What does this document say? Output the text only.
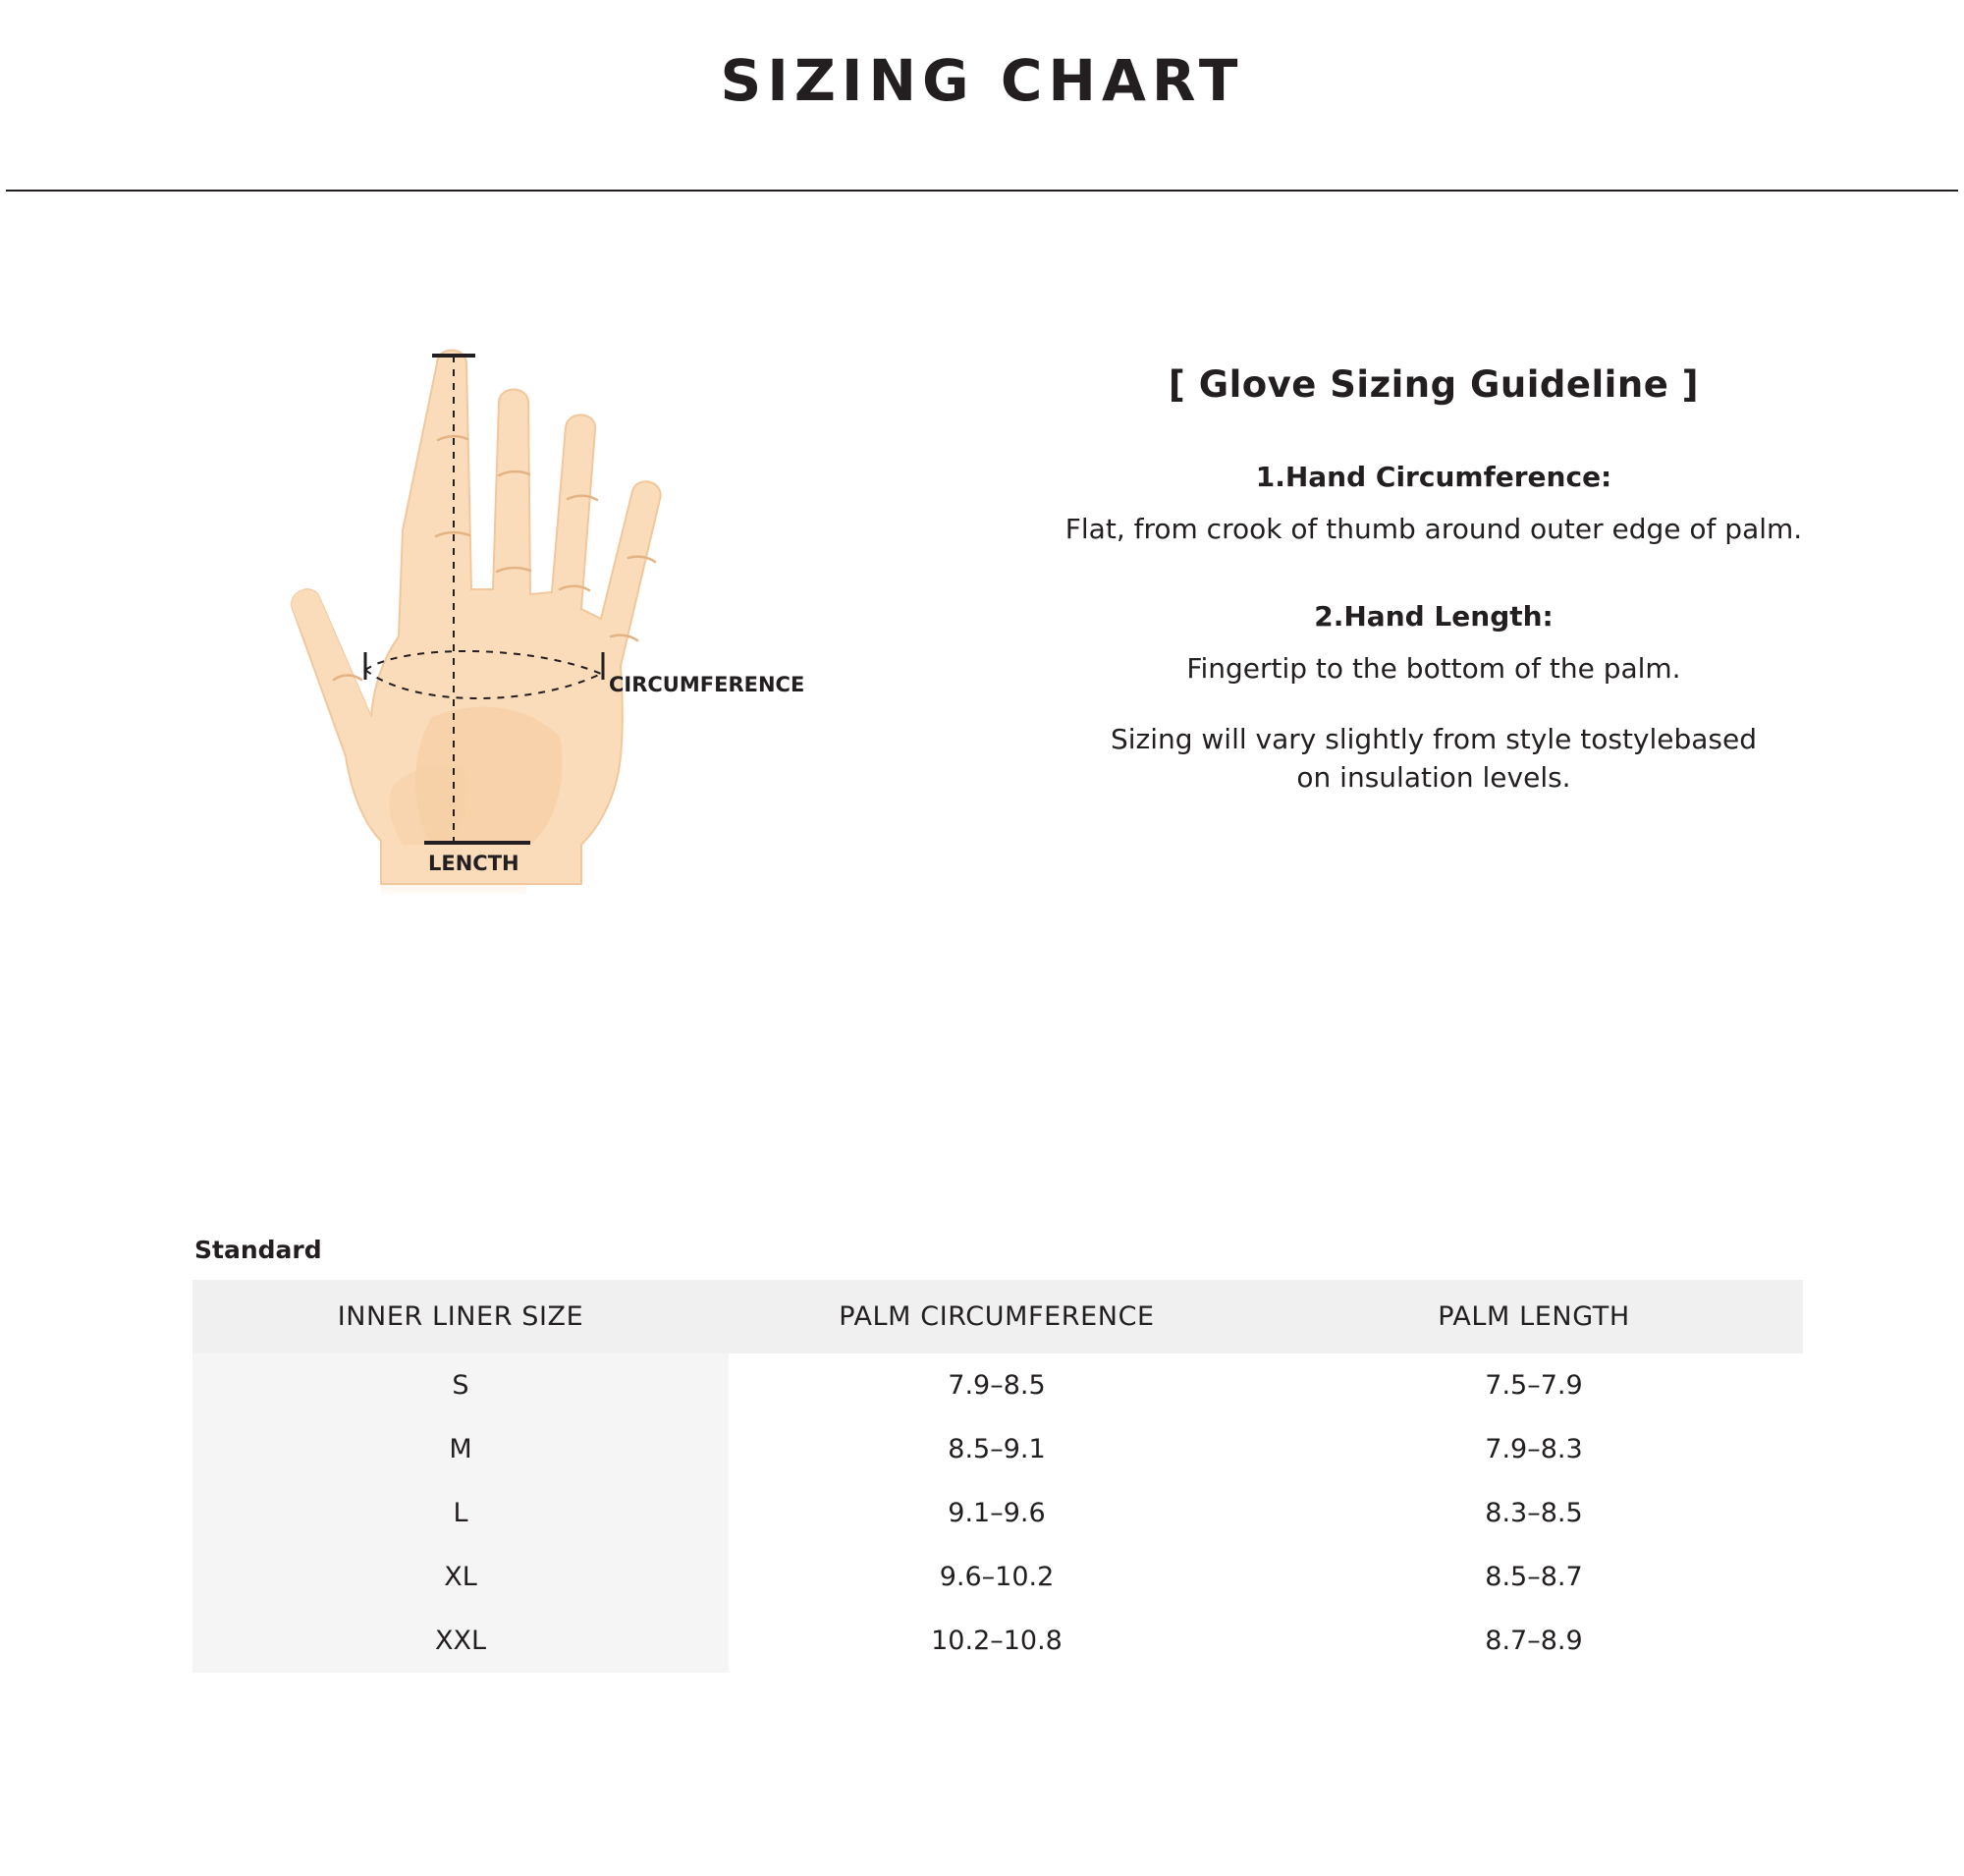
SIZING CHART
CIRCUMFERENCE
LENCTH
[ Glove Sizing Guideline ]
1.Hand Circumference:
Flat, from crook of thumb around outer edge of palm.
2.Hand Length:
Fingertip to the bottom of the palm.
Sizing will vary slightly from style tostylebased
on insulation levels.
Standard
INNER LINER SIZE	PALM CIRCUMFERENCE	PALM LENGTH
S	7.9–8.5	7.5–7.9
M	8.5–9.1	7.9–8.3
L	9.1–9.6	8.3–8.5
XL	9.6–10.2	8.5–8.7
XXL	10.2–10.8	8.7–8.9
